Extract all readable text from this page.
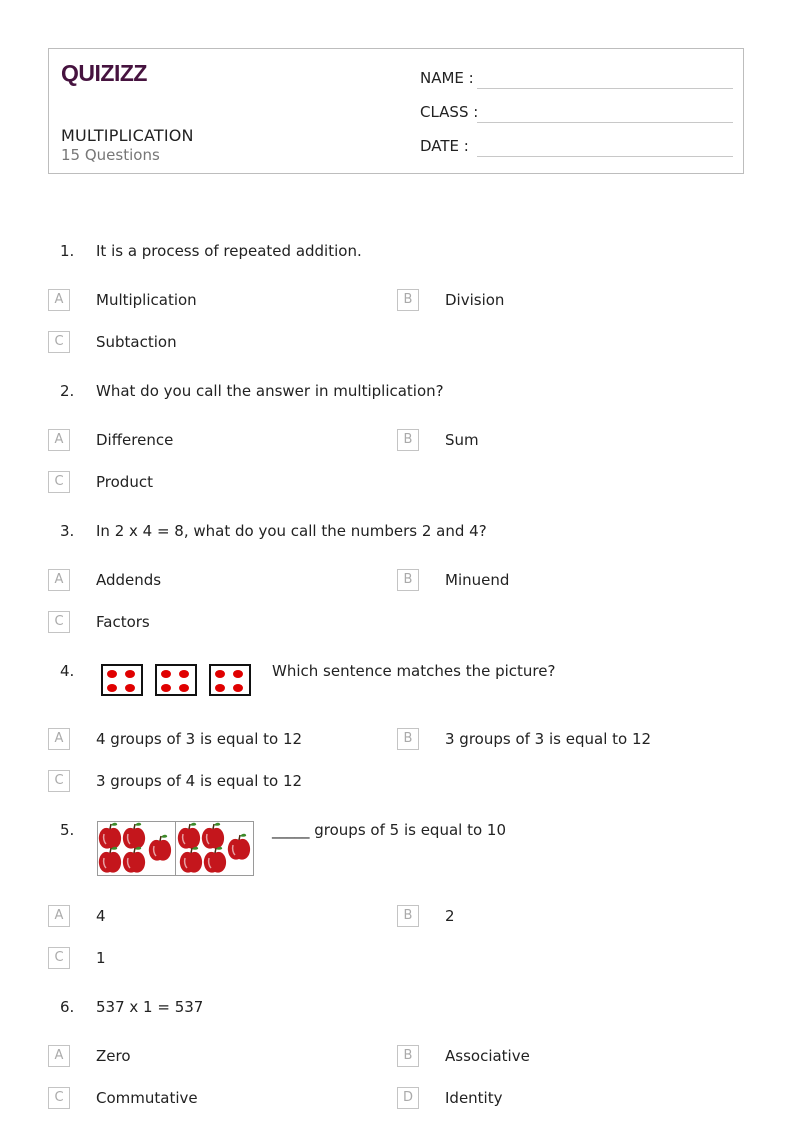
QUIZIZZ
MULTIPLICATION
15 Questions
NAME :
CLASS :
DATE :
1. It is a process of repeated addition.
A	Multiplication	B	Division
C	Subtaction
2. What do you call the answer in multiplication?
A	Difference	B	Sum
C	Product
3. In 2 x 4 = 8, what do you call the numbers 2 and 4?
A	Addends	B	Minuend
C	Factors
4.	Which sentence matches the picture?
A	4 groups of 3 is equal to 12	B	3 groups of 3 is equal to 12
C	3 groups of 4 is equal to 12
5.	_____ groups of 5 is equal to 10
A	4	B	2
C	1
6. 537 x 1 = 537
A	Zero	B	Associative
C	Commutative	D	Identity
